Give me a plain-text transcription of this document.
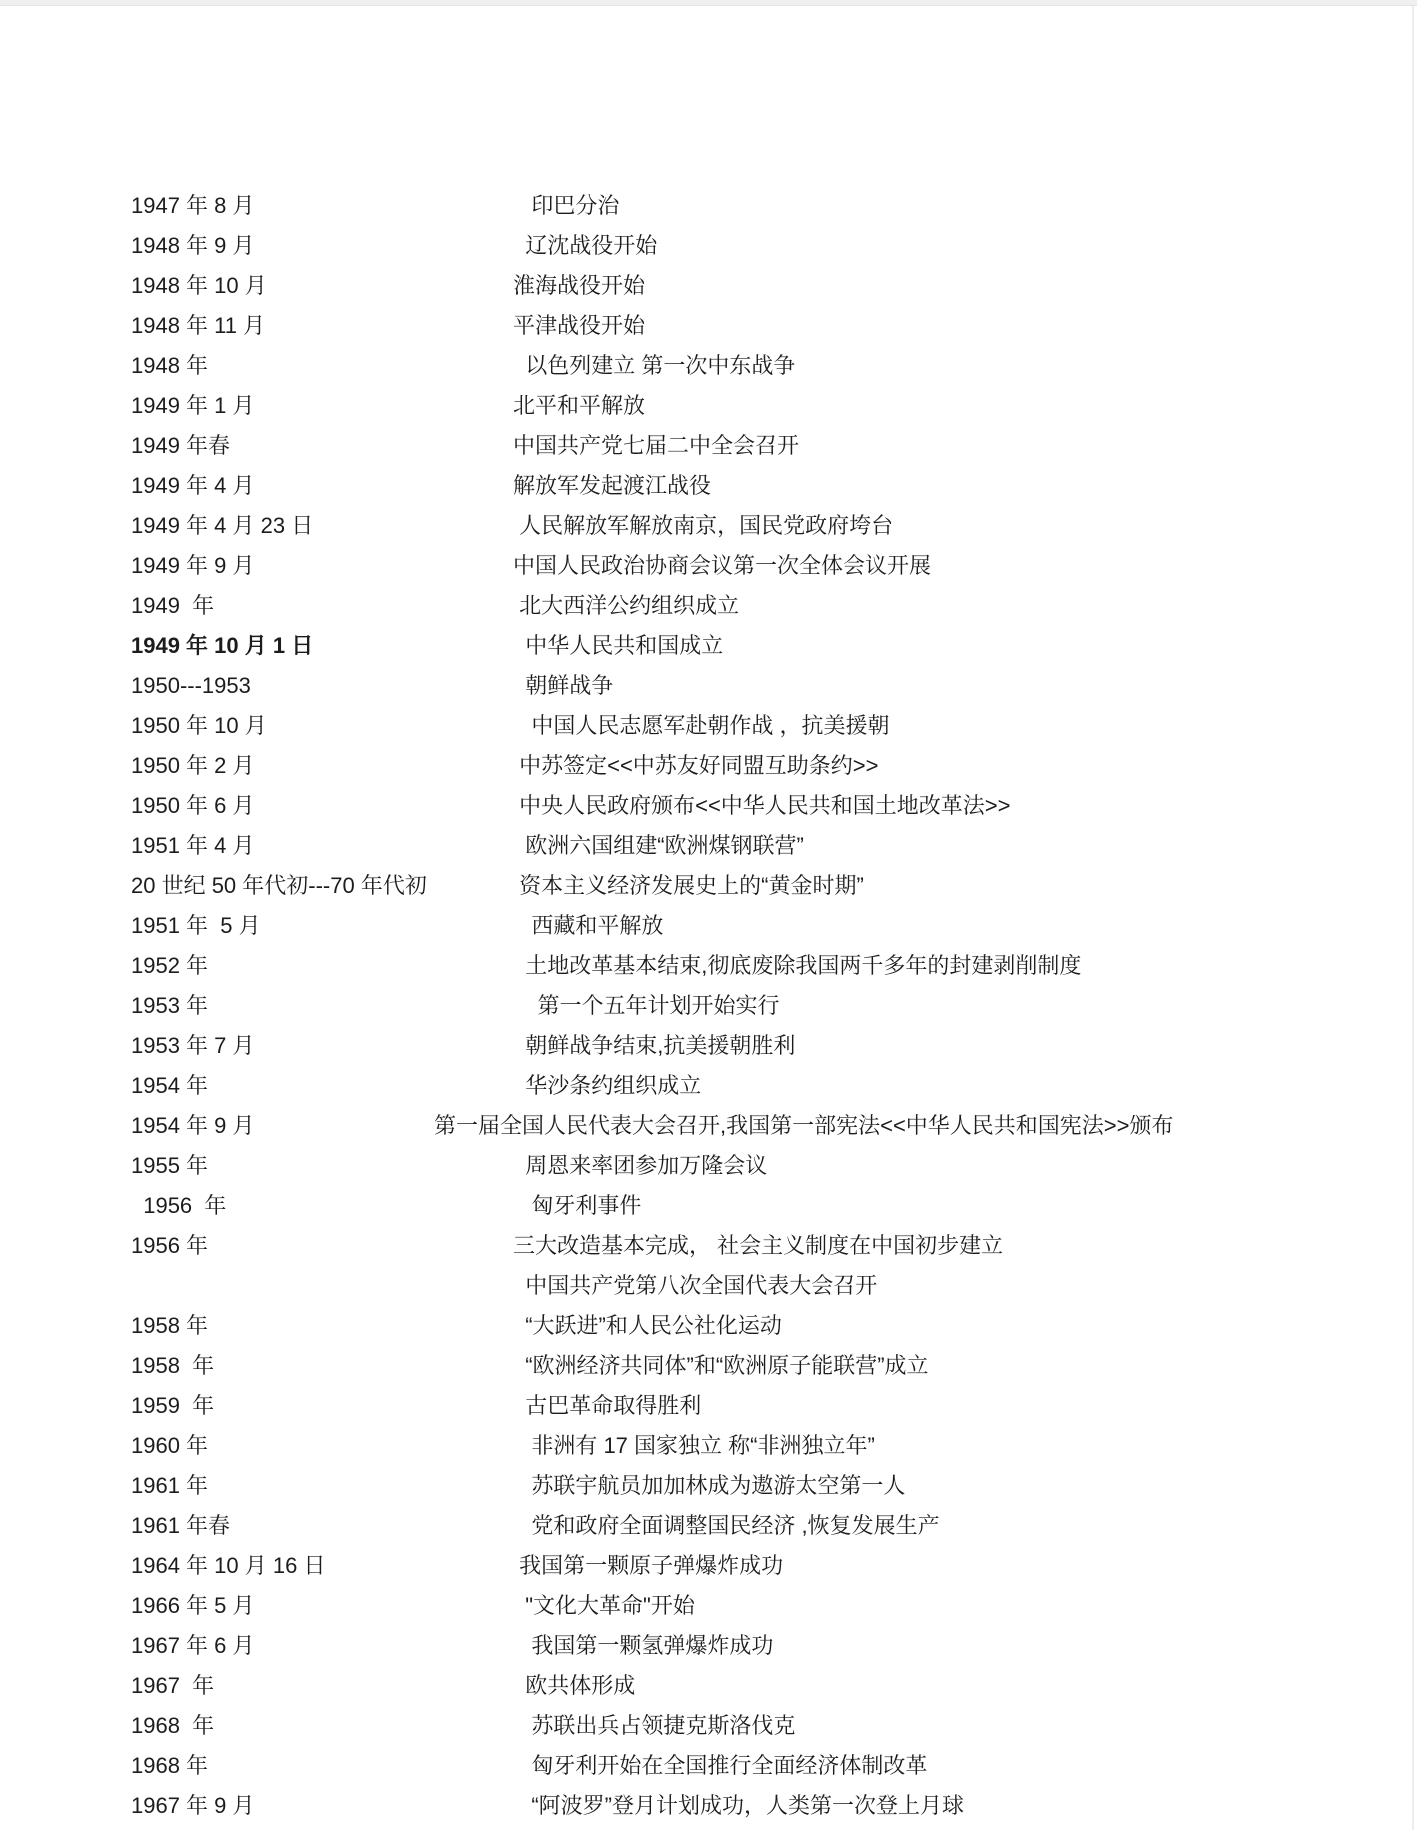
1947 年 8 月	印巴分治
1948 年 9 月	辽沈战役开始
1948 年 10 月	淮海战役开始
1948 年 11 月	平津战役开始
1948 年	以色列建立 第一次中东战争
1949 年 1 月	北平和平解放
1949 年春	中国共产党七届二中全会召开
1949 年 4 月	解放军发起渡江战役
1949 年 4 月 23 日	人民解放军解放南京，国民党政府垮台
1949 年 9 月	中国人民政治协商会议第一次全体会议开展
1949  年	北大西洋公约组织成立
1949 年 10 月 1 日	中华人民共和国成立
1950---1953	朝鲜战争
1950 年 10 月	中国人民志愿军赴朝作战 ，抗美援朝
1950 年 2 月	中苏签定<<中苏友好同盟互助条约>>
1950 年 6 月	中央人民政府颁布<<中华人民共和国土地改革法>>
1951 年 4 月	欧洲六国组建“欧洲煤钢联营”
20 世纪 50 年代初---70 年代初	资本主义经济发展史上的“黄金时期”
1951 年  5 月	西藏和平解放
1952 年	土地改革基本结束,彻底废除我国两千多年的封建剥削制度
1953 年	第一个五年计划开始实行
1953 年 7 月	朝鲜战争结束,抗美援朝胜利
1954 年	华沙条约组织成立
1954 年 9 月	第一届全国人民代表大会召开,我国第一部宪法<<中华人民共和国宪法>>颁布
1955 年	周恩来率团参加万隆会议
1956  年	匈牙利事件
1956 年	三大改造基本完成， 社会主义制度在中国初步建立
中国共产党第八次全国代表大会召开
1958 年	“大跃进”和人民公社化运动
1958  年	“欧洲经济共同体”和“欧洲原子能联营”成立
1959  年	古巴革命取得胜利
1960 年	非洲有 17 国家独立 称“非洲独立年”
1961 年	苏联宇航员加加林成为遨游太空第一人
1961 年春	党和政府全面调整国民经济 ,恢复发展生产
1964 年 10 月 16 日	我国第一颗原子弹爆炸成功
1966 年 5 月	"文化大革命"开始
1967 年 6 月	我国第一颗氢弹爆炸成功
1967  年	欧共体形成
1968  年	苏联出兵占领捷克斯洛伐克
1968 年	匈牙利开始在全国推行全面经济体制改革
1967 年 9 月	“阿波罗”登月计划成功，人类第一次登上月球
